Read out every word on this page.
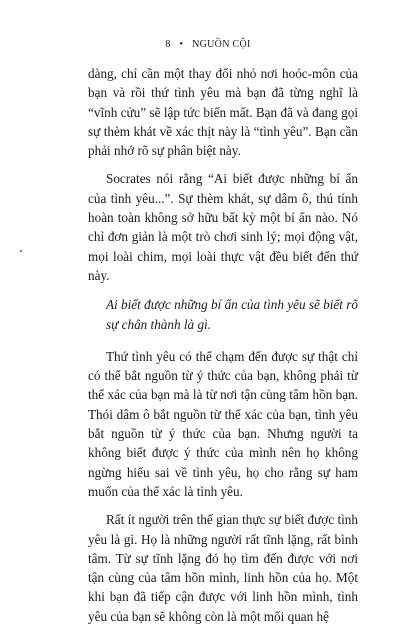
8 • NGUỒN CỘI

dàng, chỉ cần một thay đổi nhỏ nơi hoóc-môn của bạn và rồi thứ tình yêu mà bạn đã từng nghĩ là “vĩnh cửu” sẽ lập tức biến mất. Bạn đã và đang gọi sự thèm khát về xác thịt này là “tình yêu”. Bạn cần phải nhớ rõ sự phân biệt này.

Socrates nói rằng “Ai biết được những bí ẩn của tình yêu...”. Sự thèm khát, sự dâm ô, thú tính hoàn toàn không sở hữu bất kỳ một bí ẩn nào. Nó chỉ đơn giản là một trò chơi sinh lý; mọi động vật, mọi loài chim, mọi loài thực vật đều biết đến thứ này.

Ai biết được những bí ẩn của tình yêu sẽ biết rõ sự chân thành là gì.

Thứ tình yêu có thể chạm đến được sự thật chỉ có thể bắt nguồn từ ý thức của bạn, không phải từ thể xác của bạn mà là từ nơi tận cùng tâm hồn bạn. Thói dâm ô bắt nguồn từ thể xác của bạn, tình yêu bắt nguồn từ ý thức của bạn. Nhưng người ta không biết được ý thức của mình nên họ không ngừng hiểu sai về tình yêu, họ cho rằng sự ham muốn của thể xác là tình yêu.

Rất ít người trên thế gian thực sự biết được tình yêu là gì. Họ là những người rất tĩnh lặng, rất bình tâm. Từ sự tĩnh lặng đó họ tìm đến được với nơi tận cùng của tâm hồn mình, linh hồn của họ. Một khi bạn đã tiếp cận được với linh hồn mình, tình yêu của bạn sẽ không còn là một mối quan hệ
